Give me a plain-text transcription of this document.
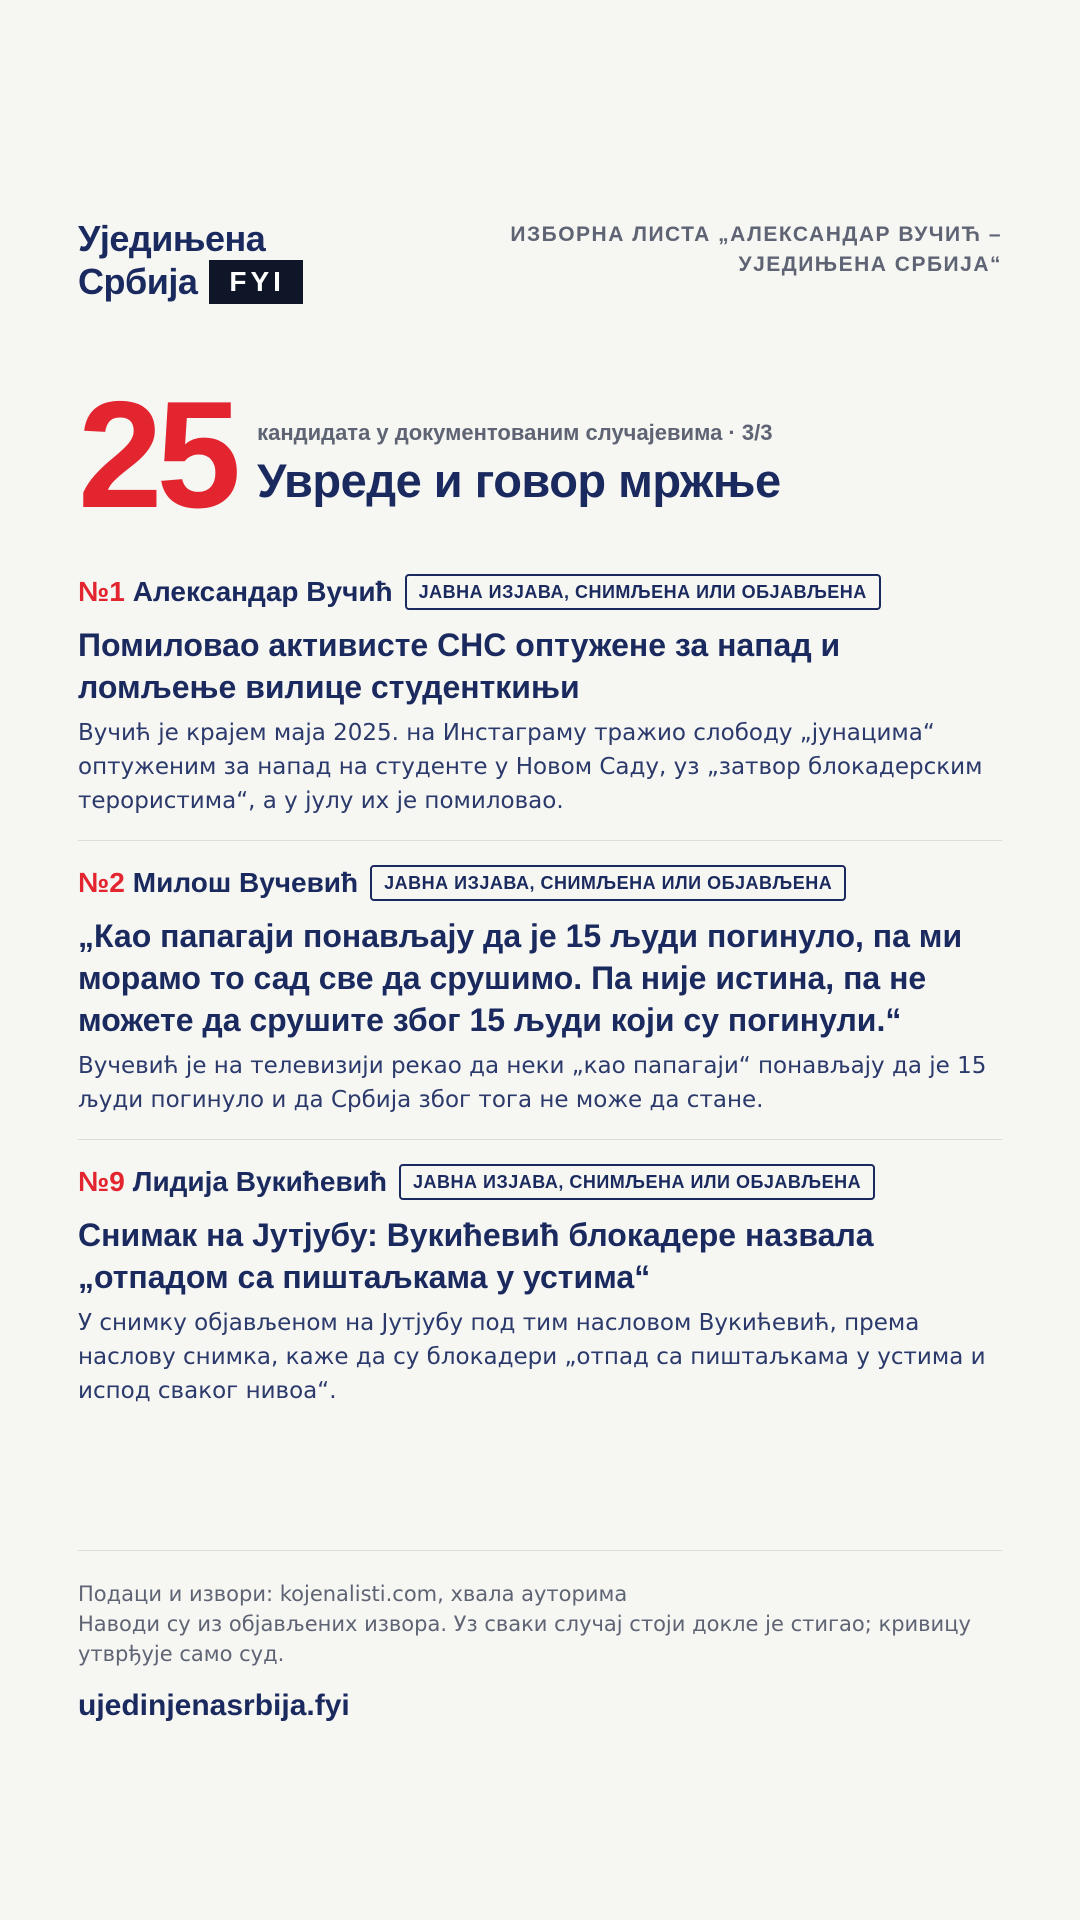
Уједињена
Србија	FYI
ИЗБОРНА ЛИСТА „АЛЕКСАНДАР ВУЧИЋ – УЈЕДИЊЕНА СРБИЈА“
25 кандидата у документованим случајевима · 3/3
Увреде и говор мржње
№1 Александар Вучић	ЈАВНА ИЗЈАВА, СНИМЉЕНА ИЛИ ОБЈАВЉЕНА
Помиловао активисте СНС оптужене за напад и ломљење вилице студенткињи
Вучић је крајем маја 2025. на Инстаграму тражио слободу „јунацима“ оптуженим за напад на студенте у Новом Саду, уз „затвор блокадерским терористима“, а у јулу их је помиловао.
№2 Милош Вучевић	ЈАВНА ИЗЈАВА, СНИМЉЕНА ИЛИ ОБЈАВЉЕНА
„Као папагаји понављају да је 15 људи погинуло, па ми морамо то сад све да срушимо. Па није истина, па не можете да срушите због 15 људи који су погинули.“
Вучевић је на телевизији рекао да неки „као папагаји“ понављају да је 15 људи погинуло и да Србија због тога не може да стане.
№9 Лидија Вукићевић	ЈАВНА ИЗЈАВА, СНИМЉЕНА ИЛИ ОБЈАВЉЕНА
Снимак на Јутјубу: Вукићевић блокадере назвала „отпадом са пиштаљкама у устима“
У снимку објављеном на Јутјубу под тим насловом Вукићевић, према наслову снимка, каже да су блокадери „отпад са пиштаљкама у устима и испод сваког нивоа“.
Подаци и извори: kojenalisti.com, хвала ауторима
Наводи су из објављених извора. Уз сваки случај стоји докле је стигао; кривицу утврђује само суд.
ujedinjenasrbija.fyi
